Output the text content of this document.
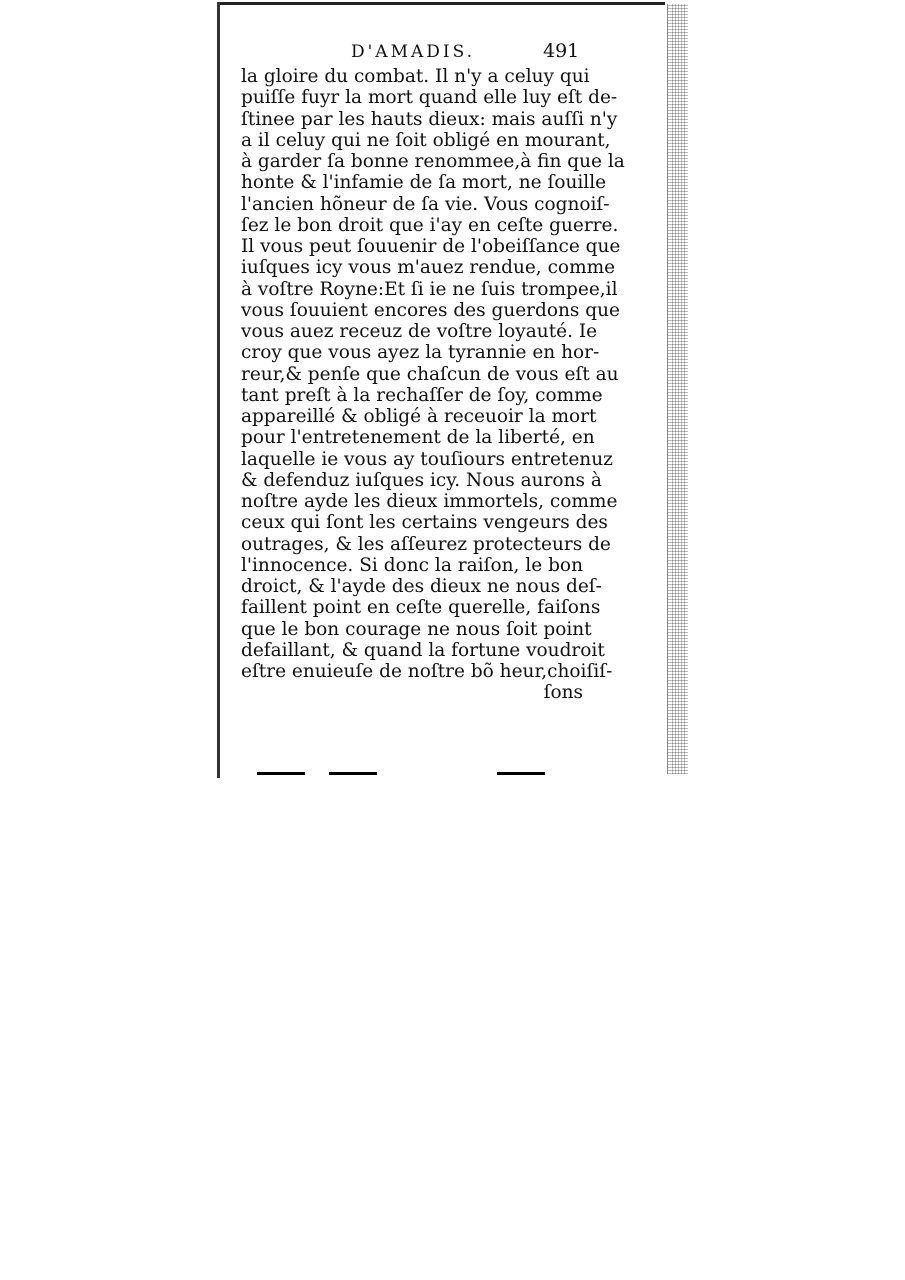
D'AMADIS.	491
la gloire du combat. Il n'y a celuy qui
puiſſe fuyr la mort quand elle luy eſt de-
ſtinee par les hauts dieux: mais auſſi n'y
a il celuy qui ne ſoit obligé en mourant,
à garder ſa bonne renommee,à fin que la
honte & l'infamie de ſa mort, ne ſouille
l'ancien hõneur de ſa vie. Vous cognoiſ-
ſez le bon droit que i'ay en ceſte guerre.
Il vous peut ſouuenir de l'obeiſſance que
iuſques icy vous m'auez rendue, comme
à voſtre Royne:Et ſi ie ne ſuis trompee,il
vous ſouuient encores des guerdons que
vous auez receuz de voſtre loyauté. Ie
croy que vous ayez la tyrannie en hor-
reur,& penſe que chaſcun de vous eſt au
tant preſt à la rechaſſer de ſoy, comme
appareillé & obligé à receuoir la mort
pour l'entretenement de la liberté, en
laquelle ie vous ay touſiours entretenuz
& defenduz iuſques icy. Nous aurons à
noſtre ayde les dieux immortels, comme
ceux qui ſont les certains vengeurs des
outrages, & les aſſeurez protecteurs de
l'innocence. Si donc la raiſon, le bon
droict, & l'ayde des dieux ne nous deſ-
faillent point en ceſte querelle, faiſons
que le bon courage ne nous ſoit point
defaillant, & quand la fortune voudroit
eſtre enuieuſe de noſtre bõ heur,choiſiſ-
ſons
